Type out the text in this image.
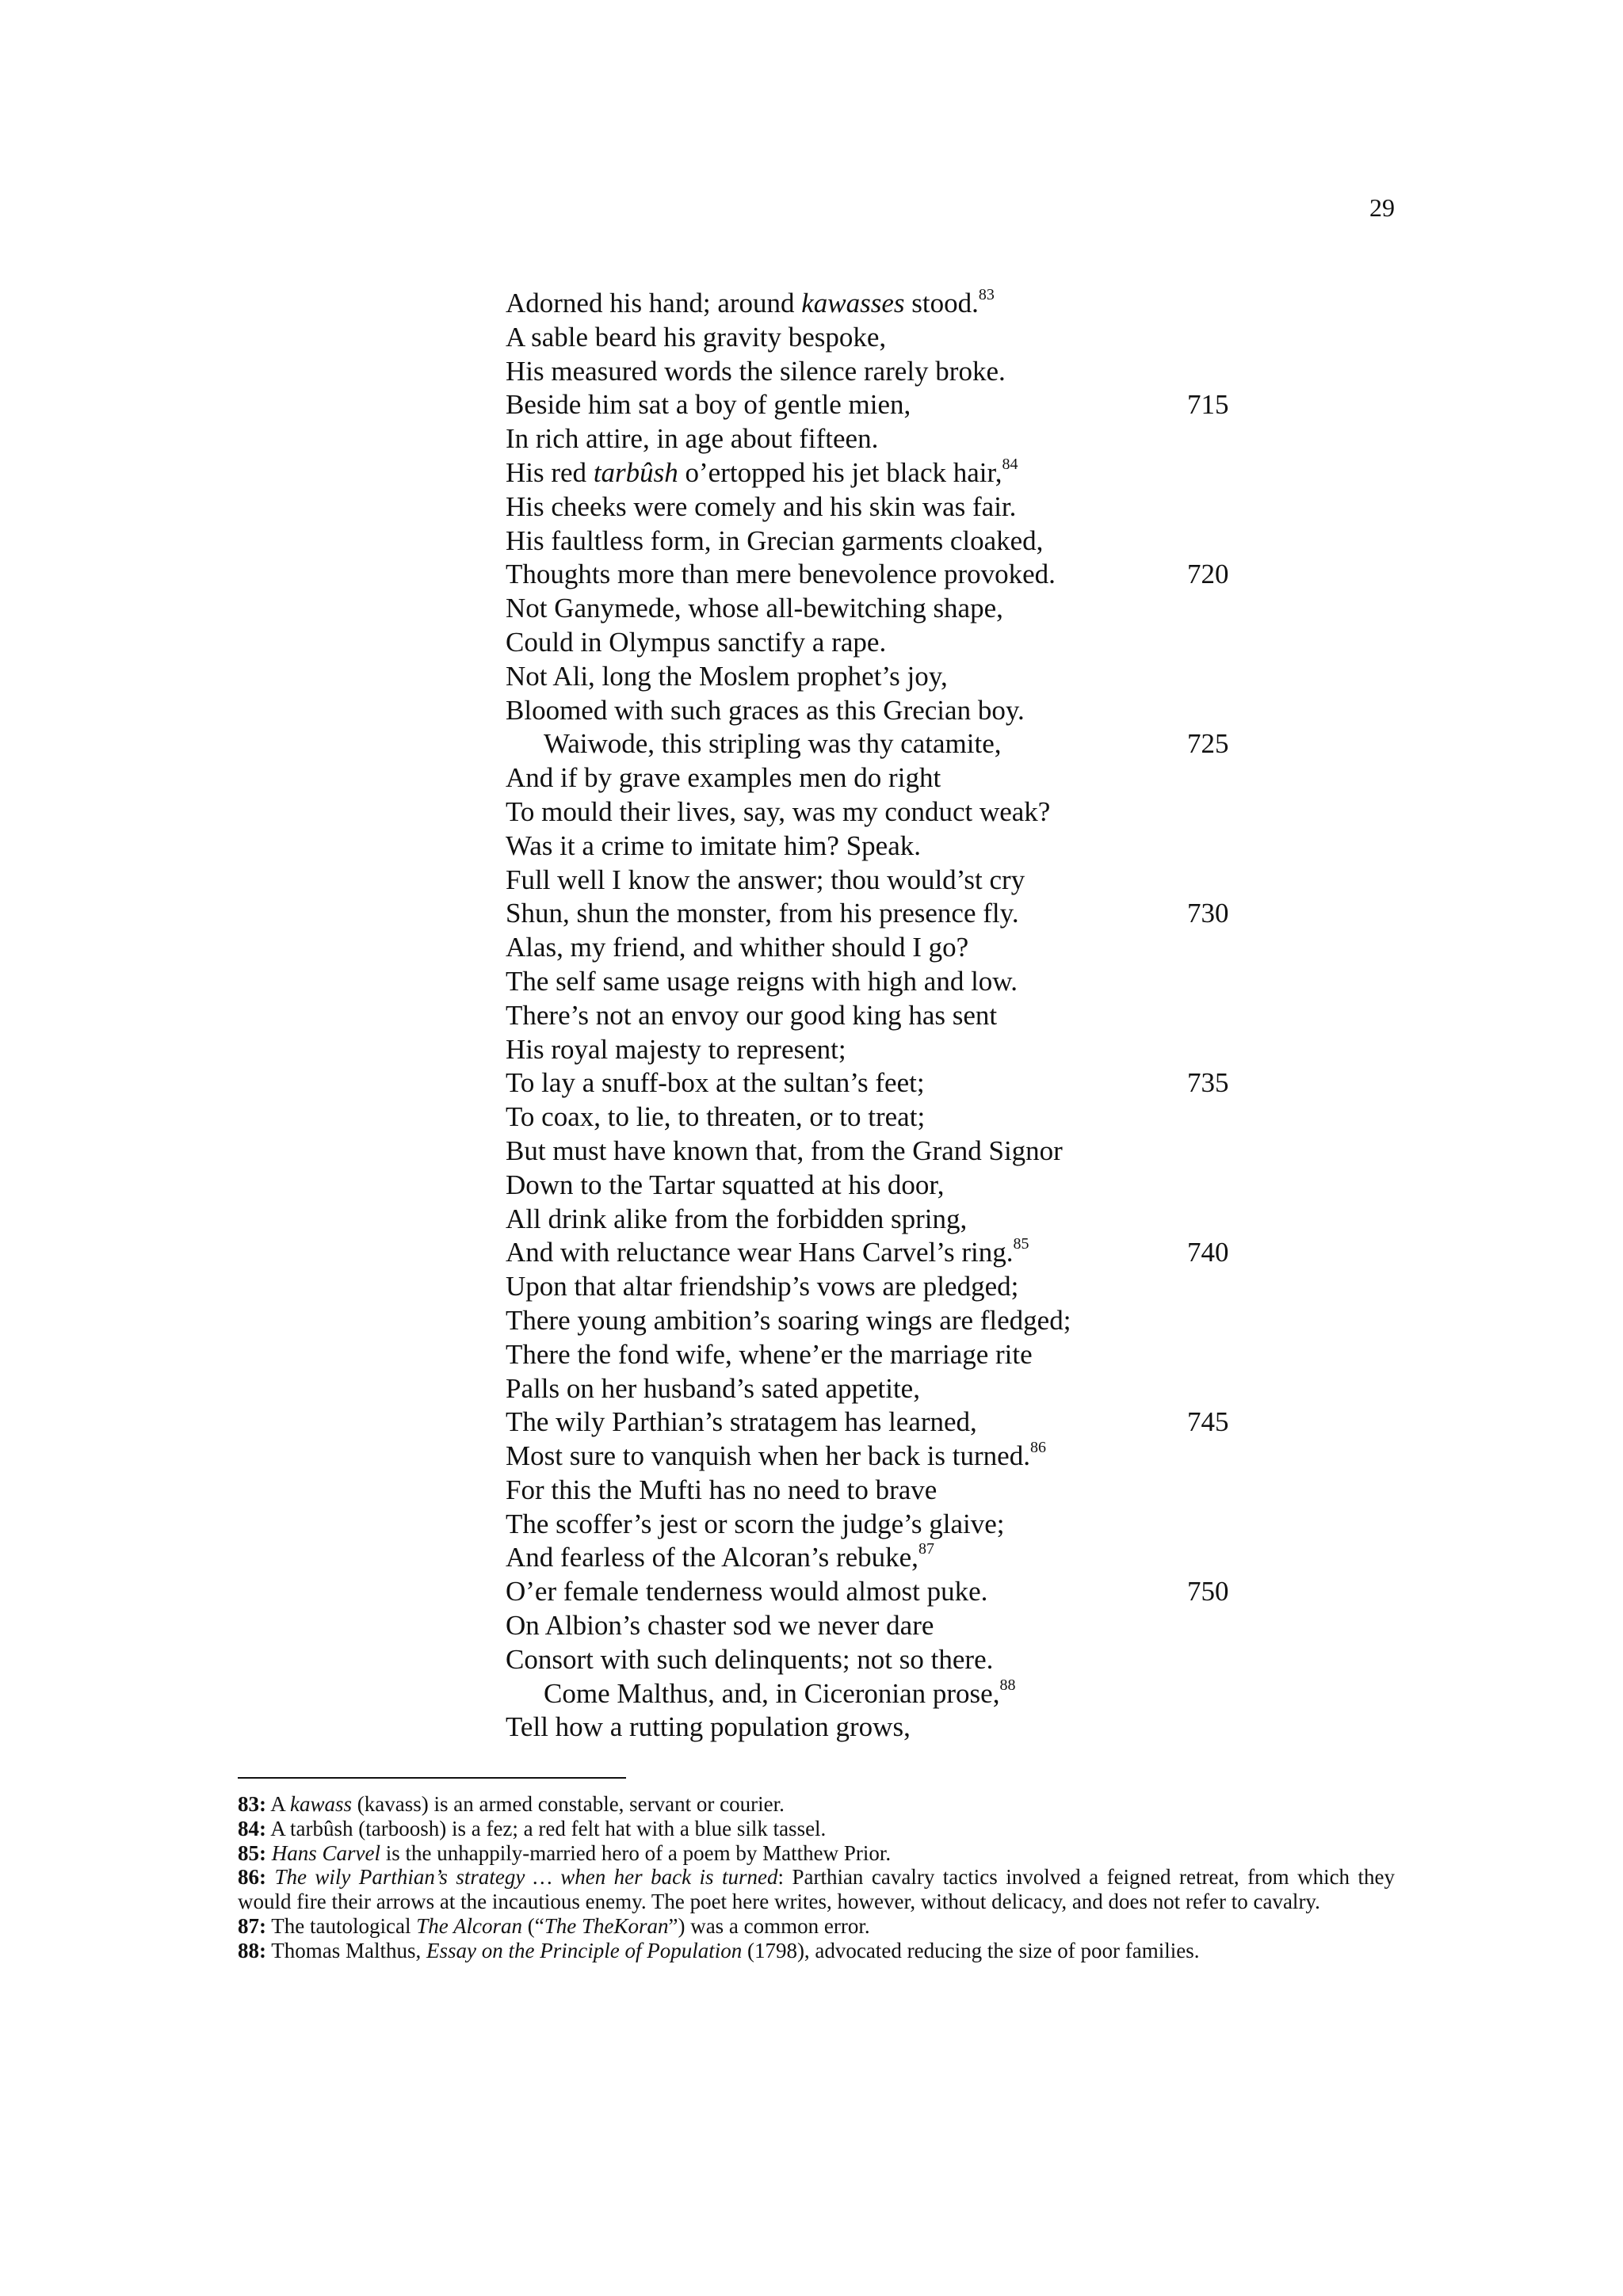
29
Adorned his hand; around kawasses stood.$^{83}$
A sable beard his gravity bespoke,
His measured words the silence rarely broke.
Beside him sat a boy of gentle mien,	715
In rich attire, in age about fifteen.
His red tarbûsh o’ertopped his jet black hair,$^{84}$
His cheeks were comely and his skin was fair.
His faultless form, in Grecian garments cloaked,
Thoughts more than mere benevolence provoked.	720
Not Ganymede, whose all-bewitching shape,
Could in Olympus sanctify a rape.
Not Ali, long the Moslem prophet’s joy,
Bloomed with such graces as this Grecian boy.
Waiwode, this stripling was thy catamite,	725
And if by grave examples men do right
To mould their lives, say, was my conduct weak?
Was it a crime to imitate him? Speak.
Full well I know the answer; thou would’st cry
Shun, shun the monster, from his presence fly.	730
Alas, my friend, and whither should I go?
The self same usage reigns with high and low.
There’s not an envoy our good king has sent
His royal majesty to represent;
To lay a snuff-box at the sultan’s feet;	735
To coax, to lie, to threaten, or to treat;
But must have known that, from the Grand Signor
Down to the Tartar squatted at his door,
All drink alike from the forbidden spring,
And with reluctance wear Hans Carvel’s ring.$^{85}$	740
Upon that altar friendship’s vows are pledged;
There young ambition’s soaring wings are fledged;
There the fond wife, whene’er the marriage rite
Palls on her husband’s sated appetite,
The wily Parthian’s stratagem has learned,	745
Most sure to vanquish when her back is turned.$^{86}$
For this the Mufti has no need to brave
The scoffer’s jest or scorn the judge’s glaive;
And fearless of the Alcoran’s rebuke,$^{87}$
O’er female tenderness would almost puke.	750
On Albion’s chaster sod we never dare
Consort with such delinquents; not so there.
Come Malthus, and, in Ciceronian prose,$^{88}$
Tell how a rutting population grows,
83: A kawass (kavass) is an armed constable, servant or courier.
84: A tarbûsh (tarboosh) is a fez; a red felt hat with a blue silk tassel.
85: Hans Carvel is the unhappily-married hero of a poem by Matthew Prior.
86: The wily Parthian’s strategy … when her back is turned: Parthian cavalry tactics involved a feigned retreat, from which they would fire their arrows at the incautious enemy. The poet here writes, however, without delicacy, and does not refer to cavalry.
87: The tautological The Alcoran (“The TheKoran”) was a common error.
88: Thomas Malthus, Essay on the Principle of Population (1798), advocated reducing the size of poor families.
